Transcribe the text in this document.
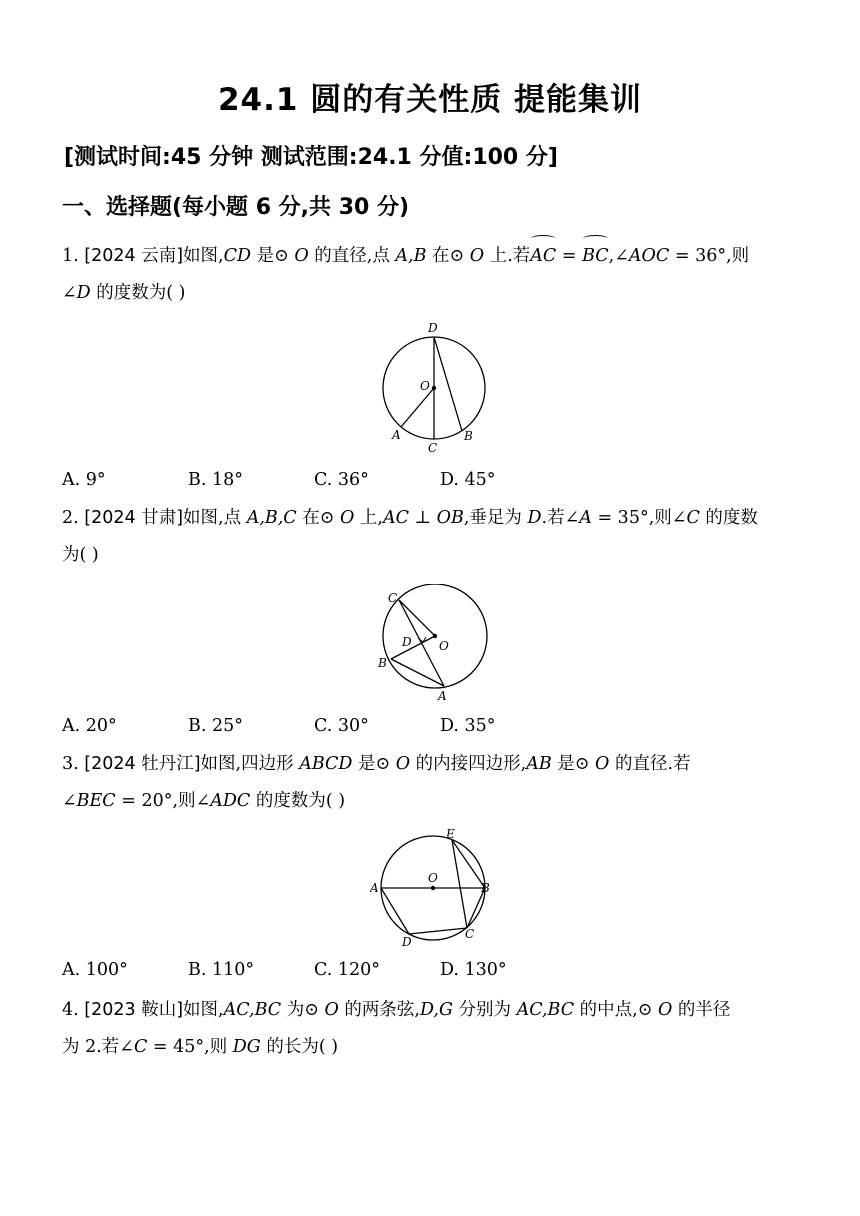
24.1 圆的有关性质 提能集训
[测试时间:45 分钟 测试范围:24.1 分值:100 分]
一、选择题(每小题 6 分,共 30 分)
1. [2024 云南]如图,CD 是⊙ O 的直径,点 A,B 在⊙ O 上.若AC = BC,∠AOC = 36°,则
∠D 的度数为( )
D
O
A
C
B
A. 9°	B. 18°	C. 36°	D. 45°
2. [2024 甘肃]如图,点 A,B,C 在⊙ O 上,AC ⊥ OB,垂足为 D.若∠A = 35°,则∠C 的度数
为( )
C
D O
B
A
A. 20°	B. 25°	C. 30°	D. 35°
3. [2024 牡丹江]如图,四边形 ABCD 是⊙ O 的内接四边形,AB 是⊙ O 的直径.若
∠BEC = 20°,则∠ADC 的度数为( )
E
A
O
B
D
C
A. 100°	B. 110°	C. 120°	D. 130°
4. [2023 鞍山]如图,AC,BC 为⊙ O 的两条弦,D,G 分别为 AC,BC 的中点,⊙ O 的半径
为 2.若∠C = 45°,则 DG 的长为( )
